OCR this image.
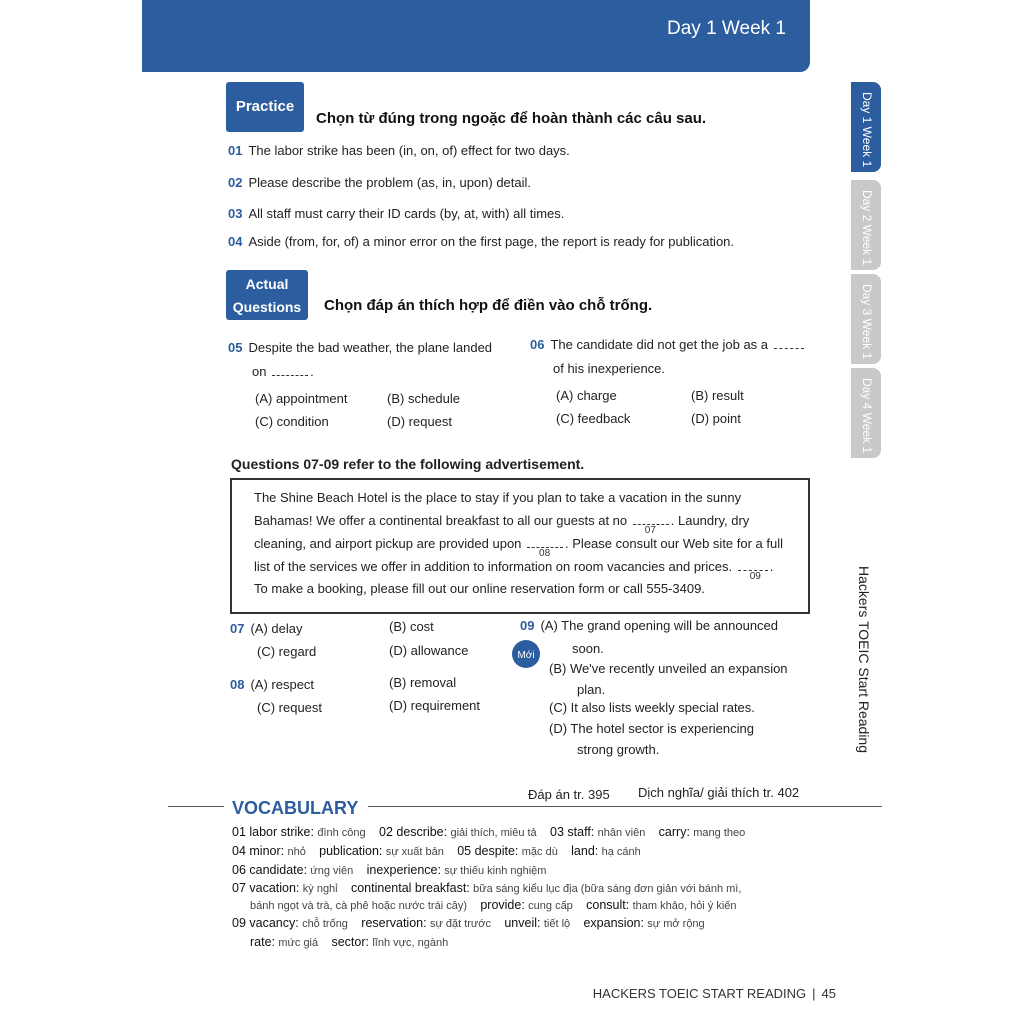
Day 1 Week 1
Day 1 Week 1
Day 2 Week 1
Day 3 Week 1
Day 4 Week 1
Hackers TOEIC Start Reading
Practice
Chọn từ đúng trong ngoặc để hoàn thành các câu sau.
01 The labor strike has been (in, on, of) effect for two days.
02 Please describe the problem (as, in, upon) detail.
03 All staff must carry their ID cards (by, at, with) all times.
04 Aside (from, for, of) a minor error on the first page, the report is ready for publication.
Actual
Questions	Chọn đáp án thích hợp để điền vào chỗ trống.
05 Despite the bad weather, the plane landed
on	.
(A) appointment	(B) schedule
(C) condition	(D) request
06 The candidate did not get the job as a
of his inexperience.
(A) charge	(B) result
(C) feedback	(D) point
Questions 07-09 refer to the following advertisement.
The Shine Beach Hotel is the place to stay if you plan to take a vacation in the sunny
Bahamas! We offer a continental breakfast to all our guests at no
07
. Laundry, dry
cleaning, and airport pickup are provided upon
08
. Please consult our Web site for a full
list of the services we offer in addition to information on room vacancies and prices.
09
.
To make a booking, please fill out our online reservation form or call 555-3409.
07 (A) delay	(B) cost
(C) regard	(D) allowance
08 (A) respect	(B) removal
(C) request	(D) requirement
09 (A) The grand opening will be announced
Mới	soon.
(B) We've recently unveiled an expansion
plan.
(C) It also lists weekly special rates.
(D) The hotel sector is experiencing
strong growth.
Đáp án tr. 395 Dịch nghĩa/ giải thích tr. 402
VOCABULARY
01 labor strike: đình công 02 describe: giải thích, miêu tả 03 staff: nhân viên carry: mang theo
04 minor: nhỏ publication: sự xuất bản 05 despite: mặc dù land: hạ cánh
06 candidate: ứng viên inexperience: sự thiếu kinh nghiệm
07 vacation: kỳ nghỉ continental breakfast: bữa sáng kiểu lục địa (bữa sáng đơn giản với bánh mì,
bánh ngọt và trà, cà phê hoặc nước trái cây) provide: cung cấp consult: tham khảo, hỏi ý kiến
09 vacancy: chỗ trống reservation: sự đặt trước unveil: tiết lộ expansion: sự mở rộng
rate: mức giá sector: lĩnh vực, ngành
HACKERS TOEIC START READING | 45
